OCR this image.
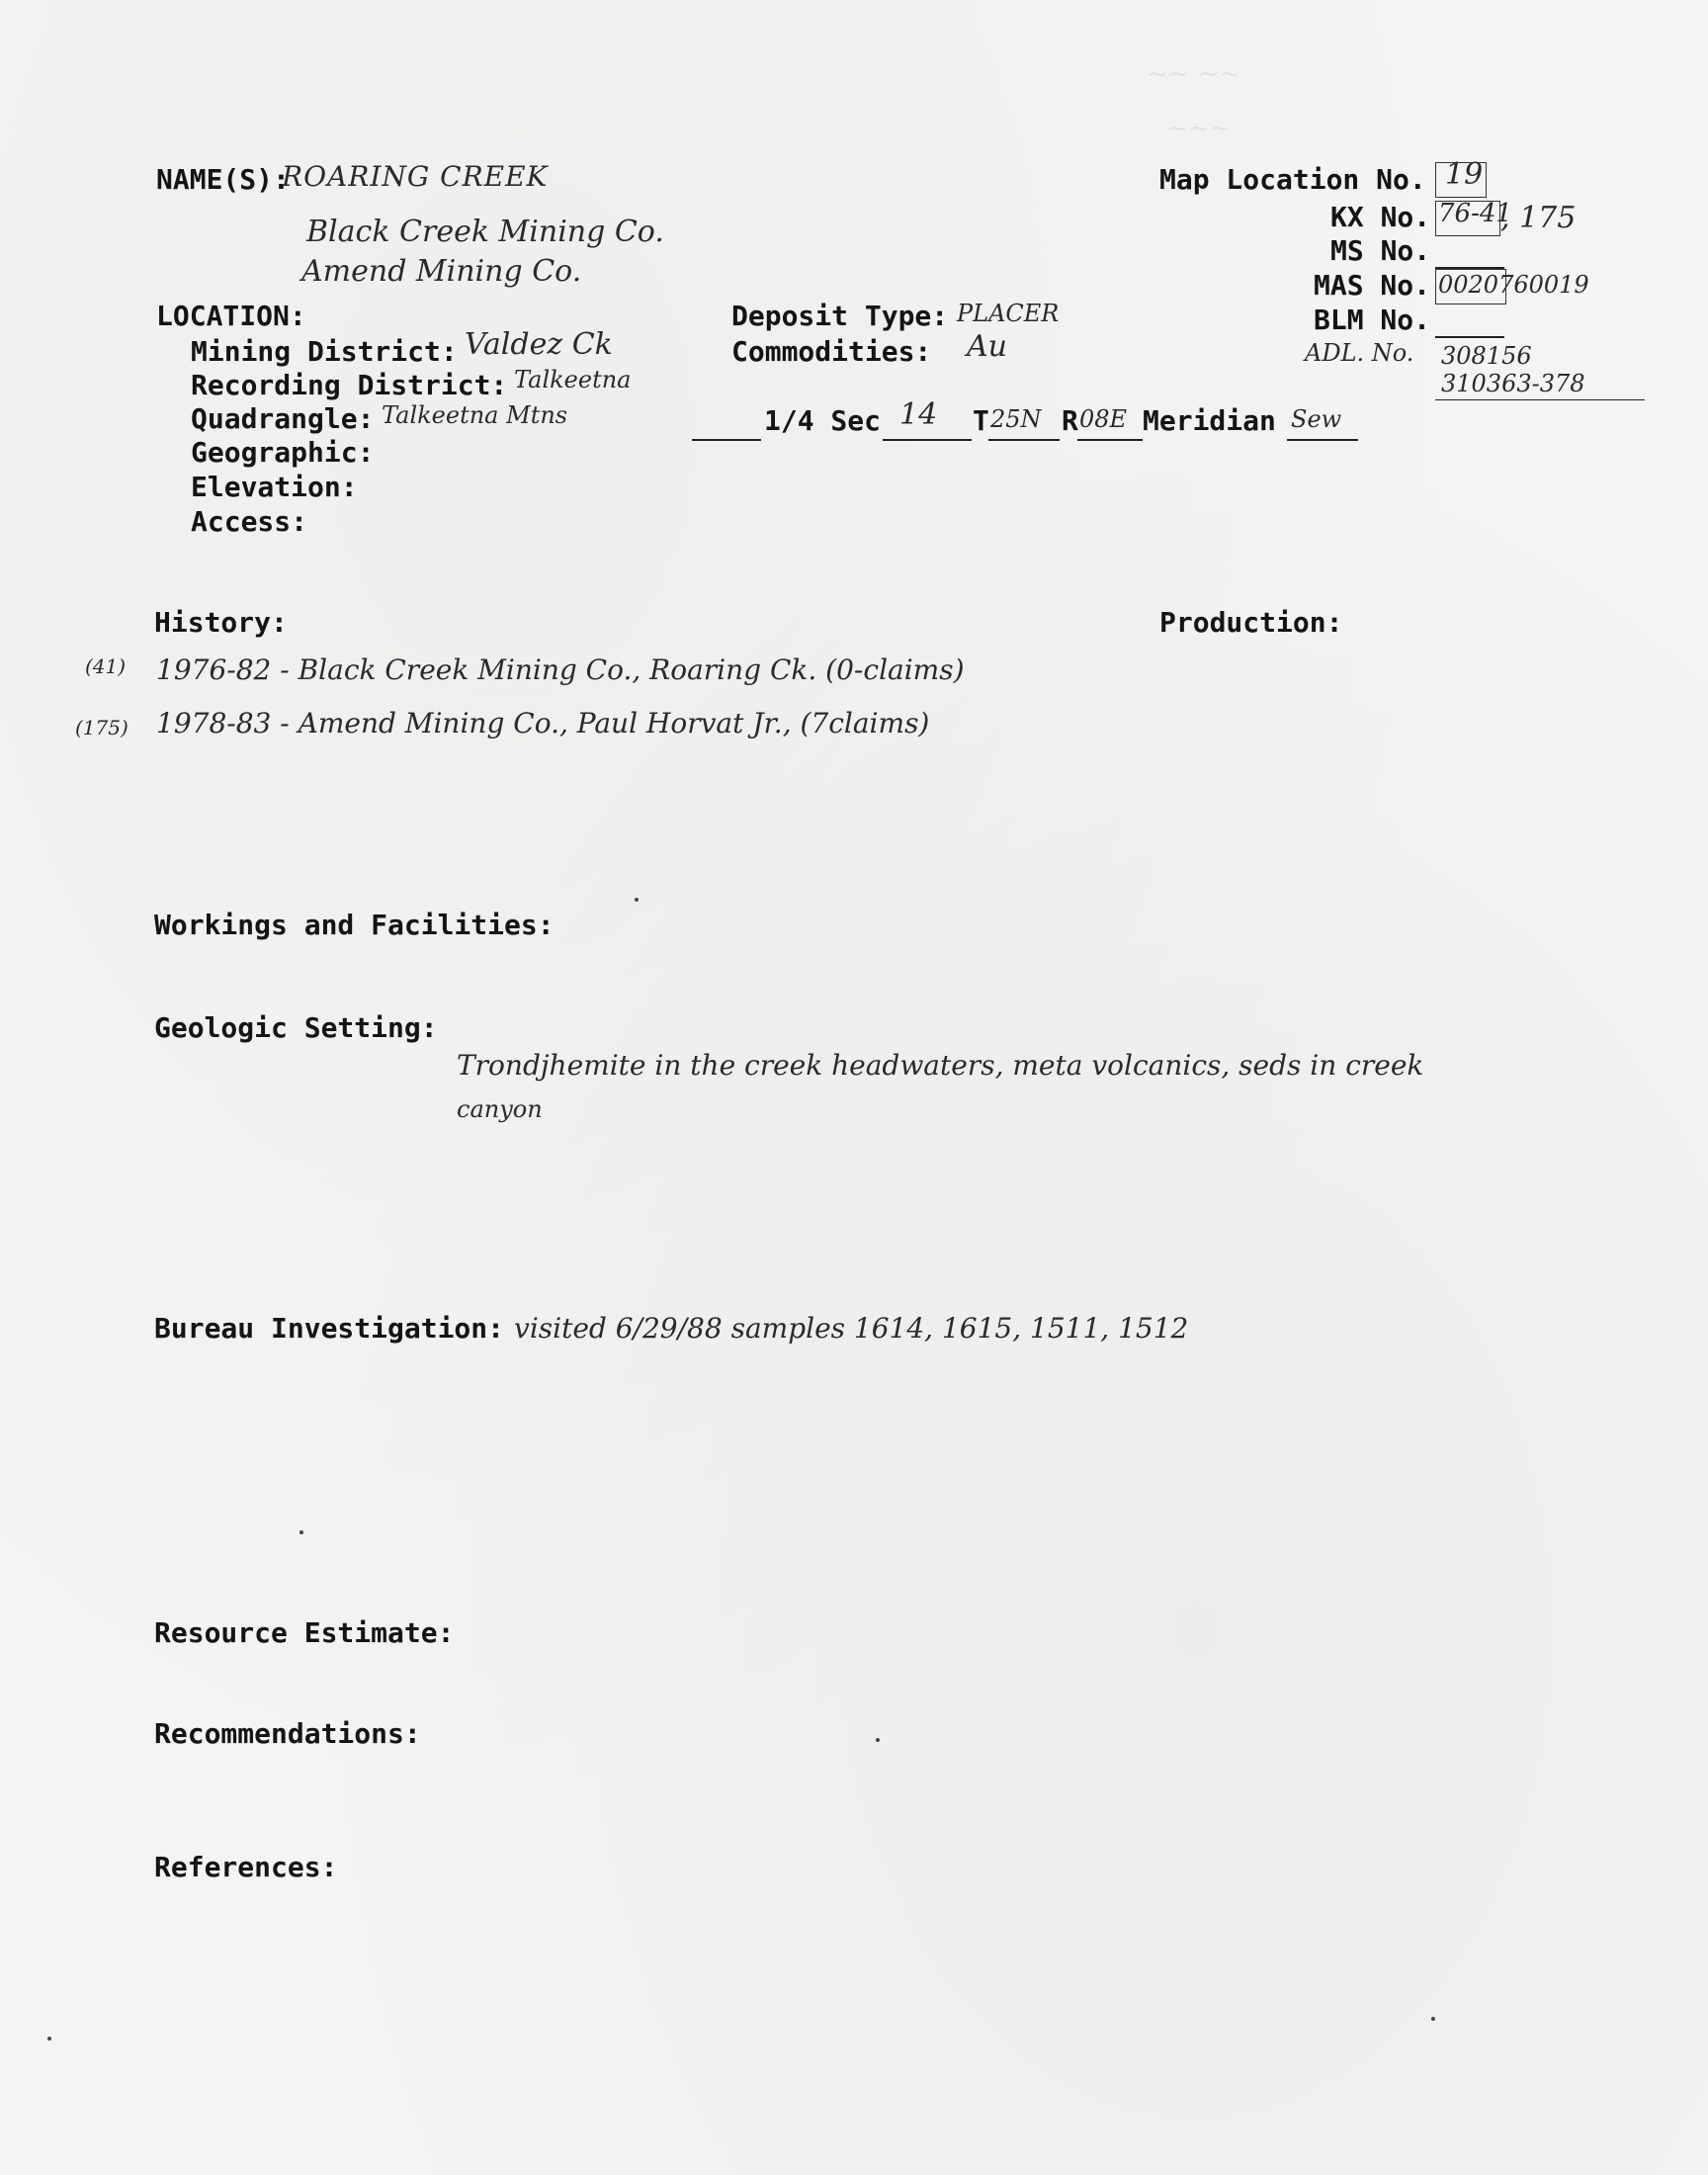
~~ ~~
~~~
NAME(S):
ROARING CREEK
Black Creek Mining Co.
Amend Mining Co.
Map Location No. 19
KX No. 76-41
, 175
MS No.
MAS No. 0020760019
BLM No.
ADL. No. 308156
310363-378
LOCATION:
Mining District: Valdez Ck
Recording District: Talkeetna
Quadrangle: Talkeetna Mtns
Geographic:
Elevation:
Access:
Deposit Type: PLACER
Commodities: Au
1/4 Sec 14 T 25N R 08E Meridian Sew
History:	Production:
(41) 1976-82 - Black Creek Mining Co., Roaring Ck. (0-claims)
(175) 1978-83 - Amend Mining Co., Paul Horvat Jr., (7claims)
Workings and Facilities:
Geologic Setting:
Trondjhemite in the creek headwaters, meta volcanics, seds in creek
canyon
Bureau Investigation: visited 6/29/88 samples 1614, 1615, 1511, 1512
Resource Estimate:
Recommendations:
References:
